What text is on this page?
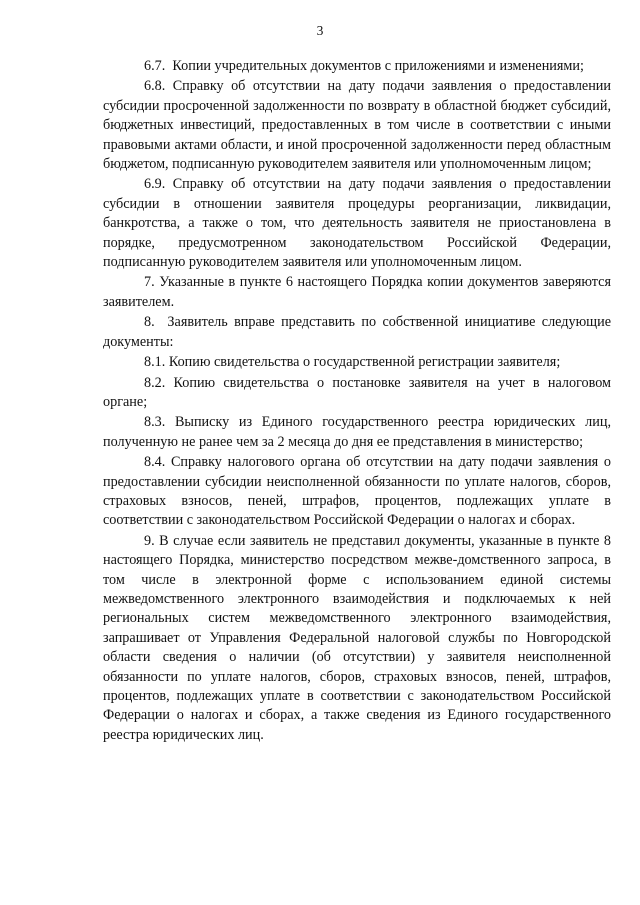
3

6.7.  Копии учредительных документов с приложениями и изменениями;

6.8. Справку об отсутствии на дату подачи заявления о предоставлении субсидии просроченной задолженности по возврату в областной бюджет субсидий, бюджетных инвестиций, предоставленных в том числе в соответствии с иными правовыми актами области, и иной просроченной задолженности перед областным бюджетом, подписанную руководителем заявителя или уполномоченным лицом;

6.9. Справку об отсутствии на дату подачи заявления о предоставлении субсидии в отношении заявителя процедуры реорганизации, ликвидации, банкротства, а также о том, что деятельность заявителя не приостановлена в порядке, предусмотренном законодательством Российской Федерации, подписанную руководителем заявителя или уполномоченным лицом.

7. Указанные в пункте 6 настоящего Порядка копии документов заверяются заявителем.

8.  Заявитель вправе представить по собственной инициативе следующие документы:

8.1. Копию свидетельства о государственной регистрации заявителя;

8.2. Копию свидетельства о постановке заявителя на учет в налоговом органе;

8.3. Выписку из Единого государственного реестра юридических лиц, полученную не ранее чем за 2 месяца до дня ее представления в министерство;

8.4. Справку налогового органа об отсутствии на дату подачи заявления о предоставлении субсидии неисполненной обязанности по уплате налогов, сборов, страховых взносов, пеней, штрафов, процентов, подлежащих уплате в соответствии с законодательством Российской Федерации о налогах и сборах.

9. В случае если заявитель не представил документы, указанные в пункте 8 настоящего Порядка, министерство посредством межве-домственного запроса, в том числе в электронной форме с использованием единой системы межведомственного электронного взаимодействия и подключаемых к ней региональных систем межведомственного электронного взаимодействия, запрашивает от Управления Федеральной налоговой службы по Новгородской области сведения о наличии (об отсутствии) у заявителя неисполненной обязанности по уплате налогов, сборов, страховых взносов, пеней, штрафов, процентов, подлежащих уплате в соответствии с законодательством Российской Федерации о налогах и сборах, а также сведения из Единого государственного реестра юридических лиц.
